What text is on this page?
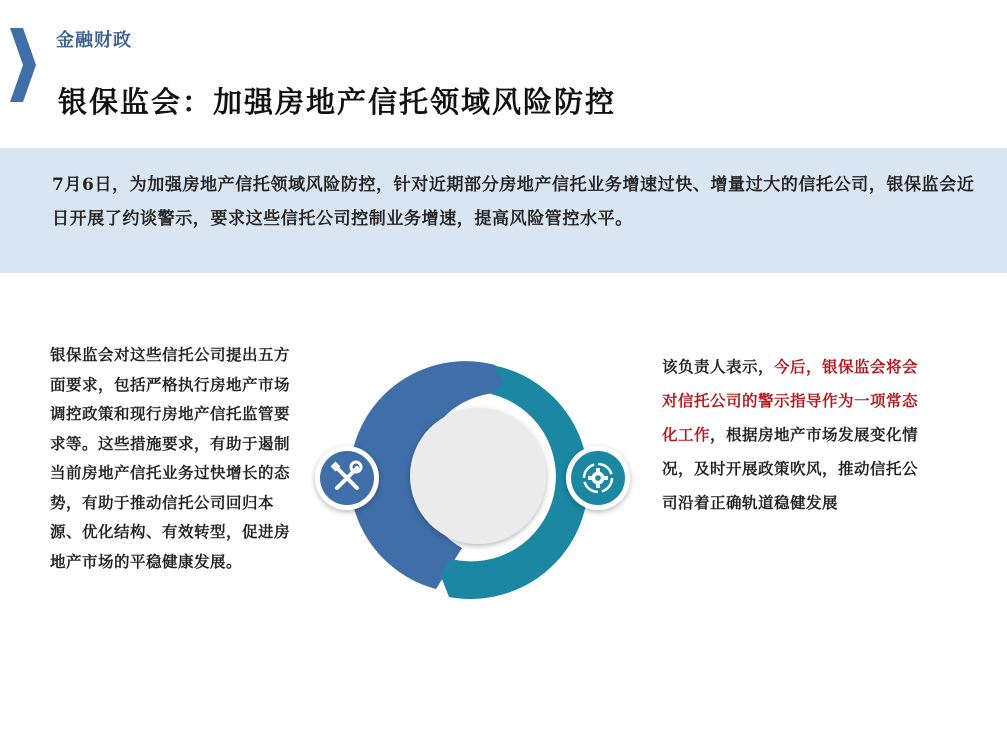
金融财政
银保监会：加强房地产信托领域风险防控

7月6日，为加强房地产信托领域风险防控，针对近期部分房地产信托业务增速过快、增量过大的信托公司，银保监会近日开展了约谈警示，要求这些信托公司控制业务增速，提高风险管控水平。

银保监会对这些信托公司提出五方面要求，包括严格执行房地产市场调控政策和现行房地产信托监管要求等。这些措施要求，有助于遏制当前房地产信托业务过快增长的态势，有助于推动信托公司回归本源、优化结构、有效转型，促进房地产市场的平稳健康发展。

该负责人表示，今后，银保监会将会对信托公司的警示指导作为一项常态化工作，根据房地产市场发展变化情况，及时开展政策吹风，推动信托公司沿着正确轨道稳健发展
